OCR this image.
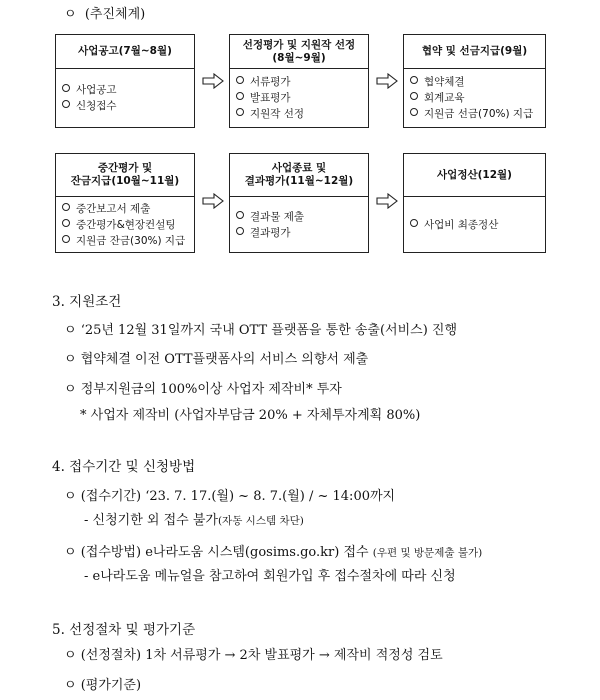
ㅇ (추진체계)
사업공고(7월~8월)
사업공고
신청접수
선정평가 및 지원작 선정
(8월~9월)
서류평가
발표평가
지원작 선정
협약 및 선금지급(9월)
협약체결
회계교육
지원금 선금(70%) 지급
중간평가 및
잔금지급(10월~11월)
중간보고서 제출
중간평가&현장컨설팅
지원금 잔금(30%) 지급
사업종료 및
결과평가(11월~12월)
결과물 제출
결과평가
사업정산(12월)
사업비 최종정산
3. 지원조건
ㅇ ‘25년 12월 31일까지 국내 OTT 플랫폼을 통한 송출(서비스) 진행
ㅇ 협약체결 이전 OTT플랫폼사의 서비스 의향서 제출
ㅇ 정부지원금의 100%이상 사업자 제작비* 투자
* 사업자 제작비 (사업자부담금 20% + 자체투자계획 80%)
4. 접수기간 및 신청방법
ㅇ (접수기간) ‘23. 7. 17.(월) ~ 8. 7.(월) / ~ 14:00까지
- 신청기한 외 접수 불가(자동 시스템 차단)
ㅇ (접수방법) e나라도움 시스템(gosims.go.kr) 접수 (우편 및 방문제출 불가)
- e나라도움 메뉴얼을 참고하여 회원가입 후 접수절차에 따라 신청
5. 선정절차 및 평가기준
ㅇ (선정절차) 1차 서류평가 → 2차 발표평가 → 제작비 적정성 검토
ㅇ (평가기준)
